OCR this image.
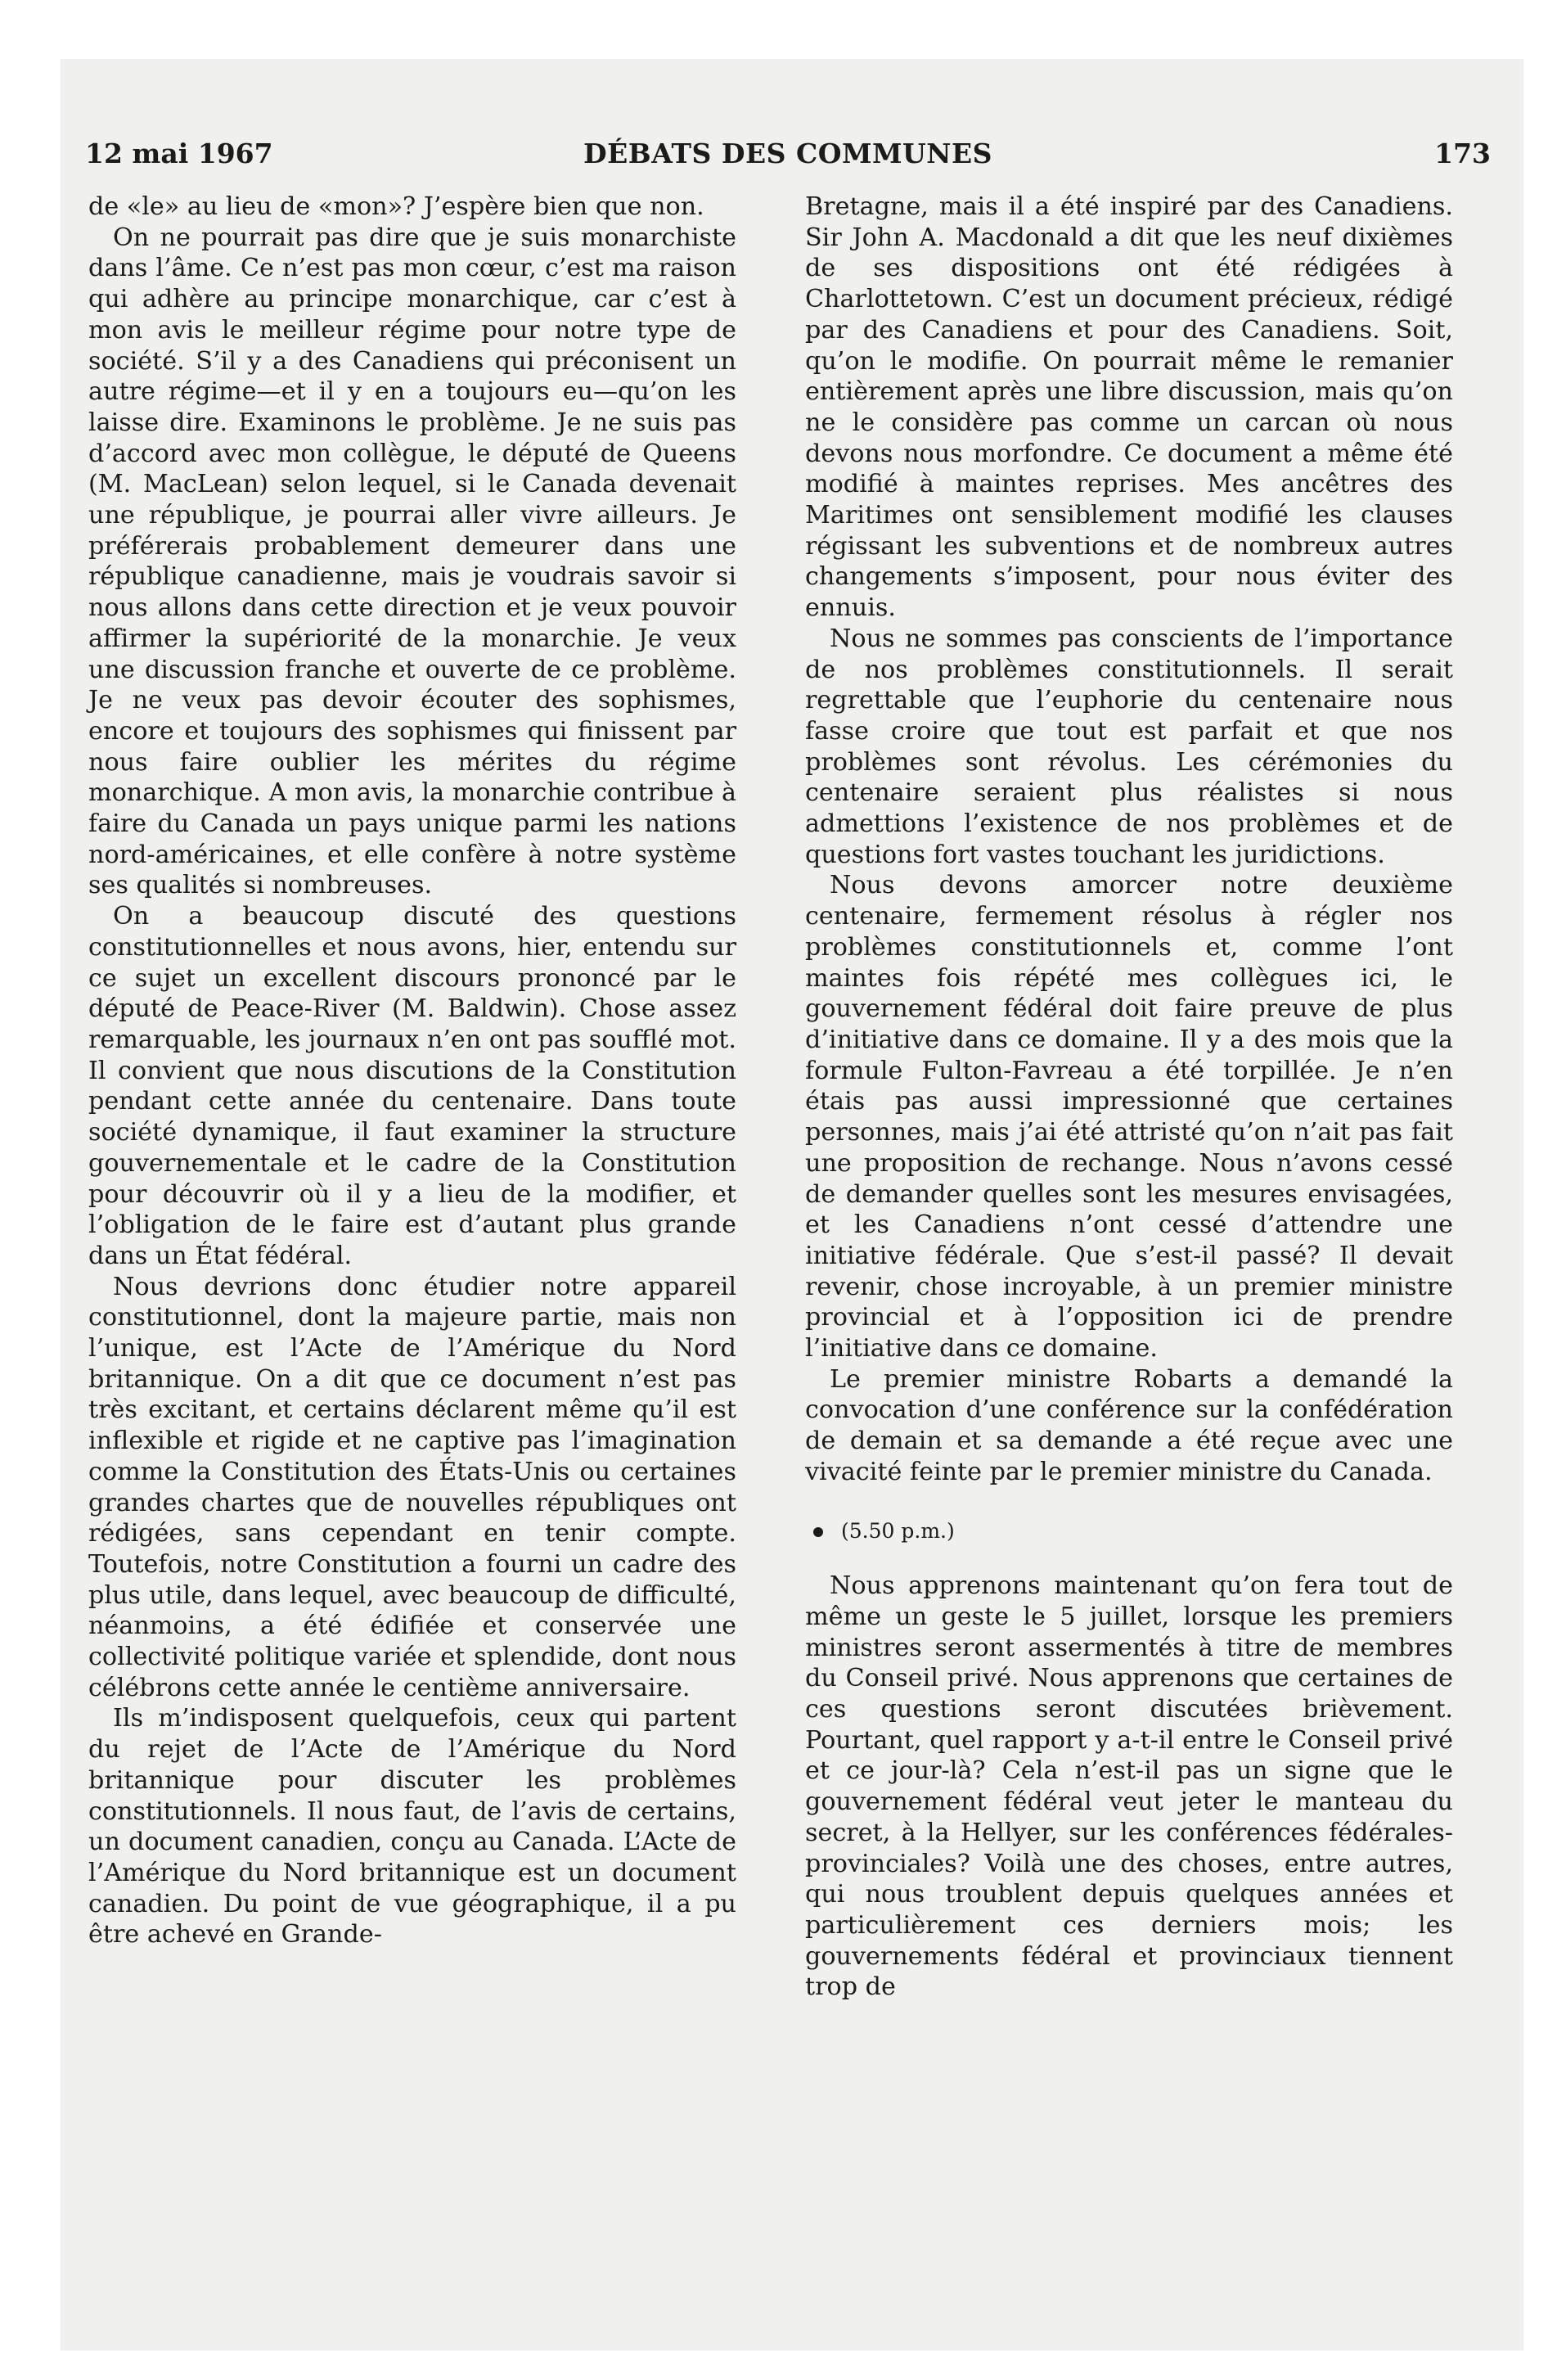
12 mai 1967	DÉBATS DES COMMUNES	173

de «le» au lieu de «mon»? J’espère bien que non.

On ne pourrait pas dire que je suis monarchiste dans l’âme. Ce n’est pas mon cœur, c’est ma raison qui adhère au principe monarchique, car c’est à mon avis le meilleur régime pour notre type de société. S’il y a des Canadiens qui préconisent un autre régime—et il y en a toujours eu—qu’on les laisse dire. Examinons le problème. Je ne suis pas d’accord avec mon collègue, le député de Queens (M. MacLean) selon lequel, si le Canada devenait une république, je pourrai aller vivre ailleurs. Je préférerais probablement demeurer dans une république canadienne, mais je voudrais savoir si nous allons dans cette direction et je veux pouvoir affirmer la supériorité de la monarchie. Je veux une discussion franche et ouverte de ce problème. Je ne veux pas devoir écouter des sophismes, encore et toujours des sophismes qui finissent par nous faire oublier les mérites du régime monarchique. A mon avis, la monarchie contribue à faire du Canada un pays unique parmi les nations nord-américaines, et elle confère à notre système ses qualités si nombreuses.

On a beaucoup discuté des questions constitutionnelles et nous avons, hier, entendu sur ce sujet un excellent discours prononcé par le député de Peace-River (M. Baldwin). Chose assez remarquable, les journaux n’en ont pas soufflé mot. Il convient que nous discutions de la Constitution pendant cette année du centenaire. Dans toute société dynamique, il faut examiner la structure gouvernementale et le cadre de la Constitution pour découvrir où il y a lieu de la modifier, et l’obligation de le faire est d’autant plus grande dans un État fédéral.

Nous devrions donc étudier notre appareil constitutionnel, dont la majeure partie, mais non l’unique, est l’Acte de l’Amérique du Nord britannique. On a dit que ce document n’est pas très excitant, et certains déclarent même qu’il est inflexible et rigide et ne captive pas l’imagination comme la Constitution des États-Unis ou certaines grandes chartes que de nouvelles républiques ont rédigées, sans cependant en tenir compte. Toutefois, notre Constitution a fourni un cadre des plus utile, dans lequel, avec beaucoup de difficulté, néanmoins, a été édifiée et conservée une collectivité politique variée et splendide, dont nous célébrons cette année le centième anniversaire.

Ils m’indisposent quelquefois, ceux qui partent du rejet de l’Acte de l’Amérique du Nord britannique pour discuter les problèmes constitutionnels. Il nous faut, de l’avis de certains, un document canadien, conçu au Canada. L’Acte de l’Amérique du Nord britannique est un document canadien. Du point de vue géographique, il a pu être achevé en Grande-

Bretagne, mais il a été inspiré par des Canadiens. Sir John A. Macdonald a dit que les neuf dixièmes de ses dispositions ont été rédigées à Charlottetown. C’est un document précieux, rédigé par des Canadiens et pour des Canadiens. Soit, qu’on le modifie. On pourrait même le remanier entièrement après une libre discussion, mais qu’on ne le considère pas comme un carcan où nous devons nous morfondre. Ce document a même été modifié à maintes reprises. Mes ancêtres des Maritimes ont sensiblement modifié les clauses régissant les subventions et de nombreux autres changements s’imposent, pour nous éviter des ennuis.

Nous ne sommes pas conscients de l’importance de nos problèmes constitutionnels. Il serait regrettable que l’euphorie du centenaire nous fasse croire que tout est parfait et que nos problèmes sont révolus. Les cérémonies du centenaire seraient plus réalistes si nous admettions l’existence de nos problèmes et de questions fort vastes touchant les juridictions.

Nous devons amorcer notre deuxième centenaire, fermement résolus à régler nos problèmes constitutionnels et, comme l’ont maintes fois répété mes collègues ici, le gouvernement fédéral doit faire preuve de plus d’initiative dans ce domaine. Il y a des mois que la formule Fulton-Favreau a été torpillée. Je n’en étais pas aussi impressionné que certaines personnes, mais j’ai été attristé qu’on n’ait pas fait une proposition de rechange. Nous n’avons cessé de demander quelles sont les mesures envisagées, et les Canadiens n’ont cessé d’attendre une initiative fédérale. Que s’est-il passé? Il devait revenir, chose incroyable, à un premier ministre provincial et à l’opposition ici de prendre l’initiative dans ce domaine.

Le premier ministre Robarts a demandé la convocation d’une conférence sur la confédération de demain et sa demande a été reçue avec une vivacité feinte par le premier ministre du Canada.

(5.50 p.m.)

Nous apprenons maintenant qu’on fera tout de même un geste le 5 juillet, lorsque les premiers ministres seront assermentés à titre de membres du Conseil privé. Nous apprenons que certaines de ces questions seront discutées brièvement. Pourtant, quel rapport y a-t-il entre le Conseil privé et ce jour-là? Cela n’est-il pas un signe que le gouvernement fédéral veut jeter le manteau du secret, à la Hellyer, sur les conférences fédérales-provinciales? Voilà une des choses, entre autres, qui nous troublent depuis quelques années et particulièrement ces derniers mois; les gouvernements fédéral et provinciaux tiennent trop de
